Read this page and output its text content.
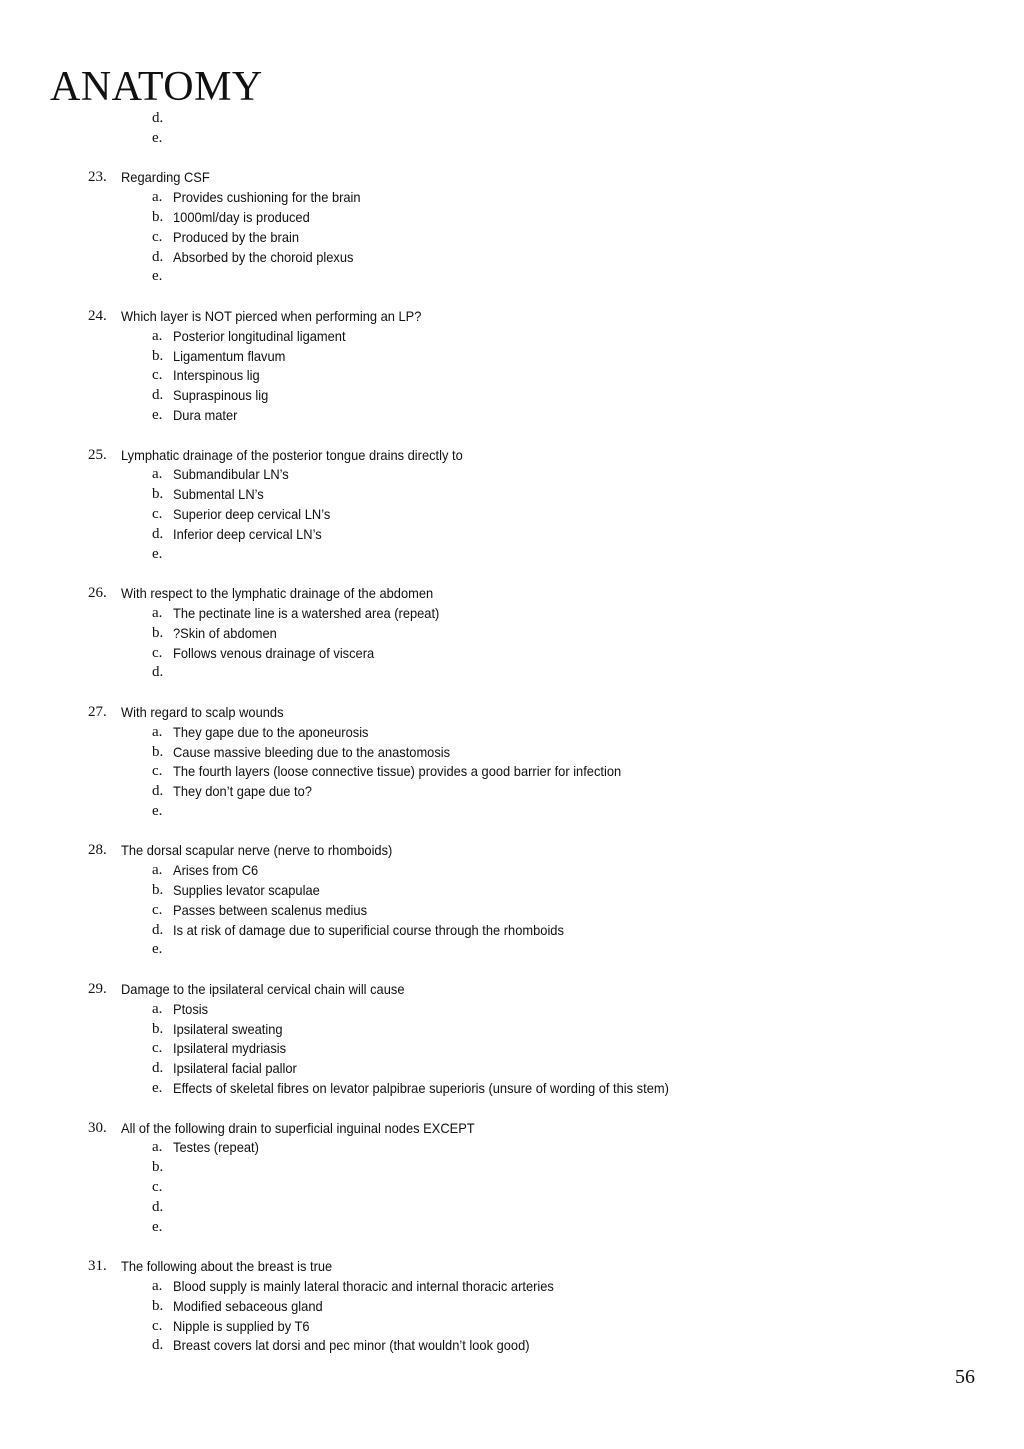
ANATOMY
d.
e.
23.	Regarding CSF
a. Provides cushioning for the brain
b. 1000ml/day is produced
c. Produced by the brain
d. Absorbed by the choroid plexus
e.
24.	Which layer is NOT pierced when performing an LP?
a. Posterior longitudinal ligament
b. Ligamentum flavum
c. Interspinous lig
d. Supraspinous lig
e. Dura mater
25.	Lymphatic drainage of the posterior tongue drains directly to
a. Submandibular LN’s
b. Submental LN’s
c. Superior deep cervical LN’s
d. Inferior deep cervical LN’s
e.
26.	With respect to the lymphatic drainage of the abdomen
a. The pectinate line is a watershed area (repeat)
b. ?Skin of abdomen
c. Follows venous drainage of viscera
d.
27.	With regard to scalp wounds
a. They gape due to the aponeurosis
b. Cause massive bleeding due to the anastomosis
c. The fourth layers (loose connective tissue) provides a good barrier for infection
d. They don’t gape due to?
e.
28.	The dorsal scapular nerve (nerve to rhomboids)
a. Arises from C6
b. Supplies levator scapulae
c. Passes between scalenus medius
d. Is at risk of damage due to superificial course through the rhomboids
e.
29.	Damage to the ipsilateral cervical chain will cause
a. Ptosis
b. Ipsilateral sweating
c. Ipsilateral mydriasis
d. Ipsilateral facial pallor
e. Effects of skeletal fibres on levator palpibrae superioris (unsure of wording of this stem)
30.	All of the following drain to superficial inguinal nodes EXCEPT
a. Testes (repeat)
b.
c.
d.
e.
31.	The following about the breast is true
a. Blood supply is mainly lateral thoracic and internal thoracic arteries
b. Modified sebaceous gland
c. Nipple is supplied by T6
d. Breast covers lat dorsi and pec minor (that wouldn’t look good)
56
